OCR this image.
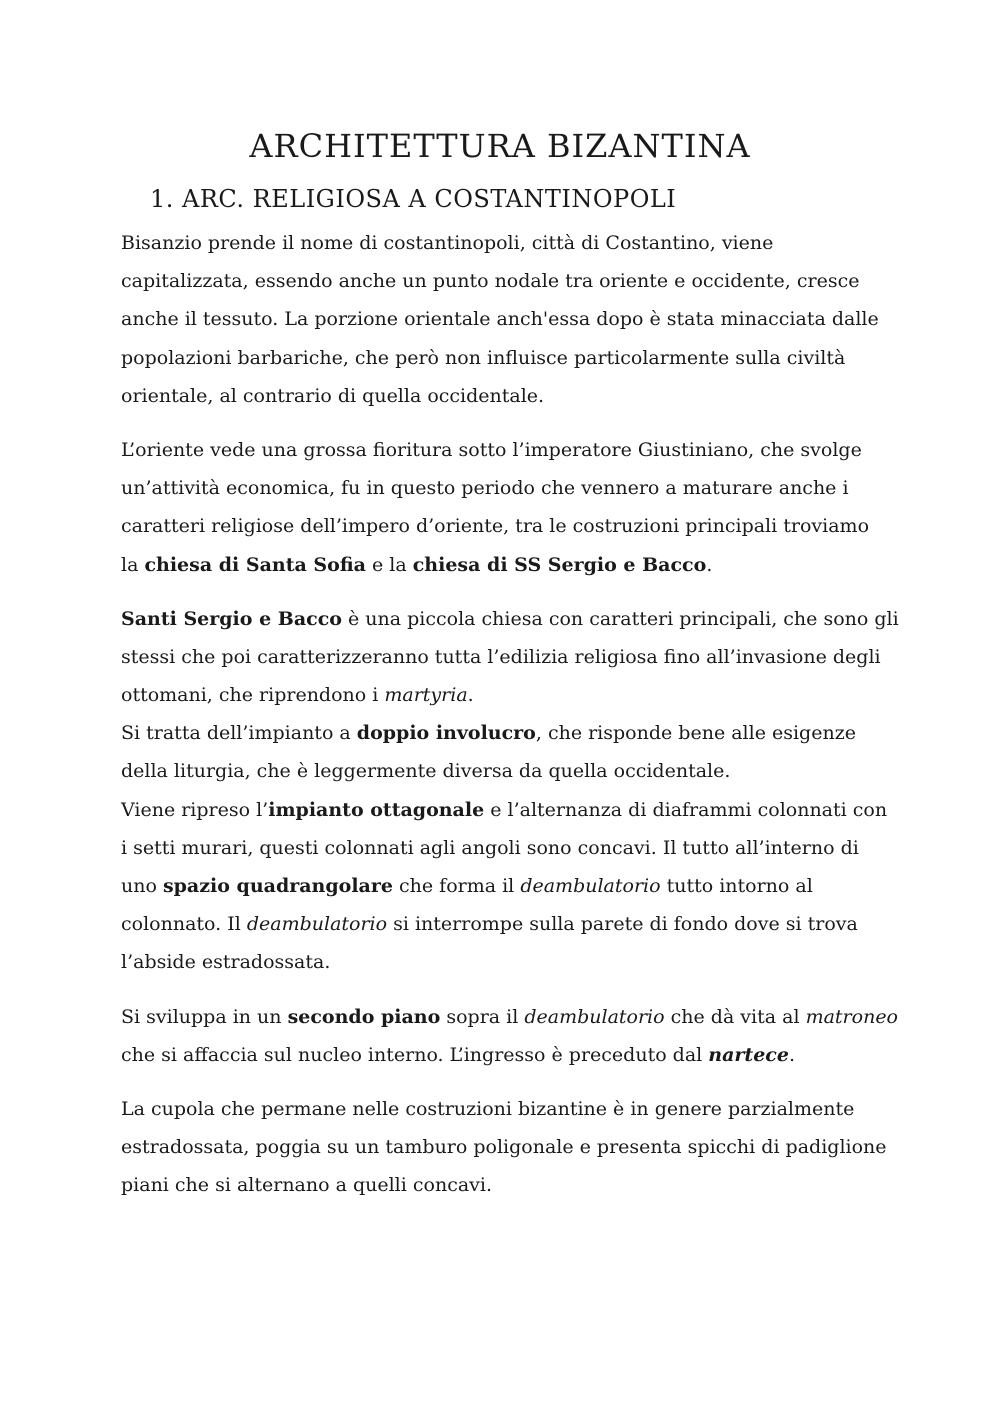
ARCHITETTURA BIZANTINA
1. ARC. RELIGIOSA A COSTANTINOPOLI

Bisanzio prende il nome di costantinopoli, città di Costantino, viene
capitalizzata, essendo anche un punto nodale tra oriente e occidente, cresce
anche il tessuto. La porzione orientale anch'essa dopo è stata minacciata dalle
popolazioni barbariche, che però non influisce particolarmente sulla civiltà
orientale, al contrario di quella occidentale.

L’oriente vede una grossa fioritura sotto l’imperatore Giustiniano, che svolge
un’attività economica, fu in questo periodo che vennero a maturare anche i
caratteri religiose dell’impero d’oriente, tra le costruzioni principali troviamo
la chiesa di Santa Sofia e la chiesa di SS Sergio e Bacco.

Santi Sergio e Bacco è una piccola chiesa con caratteri principali, che sono gli
stessi che poi caratterizzeranno tutta l’edilizia religiosa fino all’invasione degli
ottomani, che riprendono i martyria.
Si tratta dell’impianto a doppio involucro, che risponde bene alle esigenze
della liturgia, che è leggermente diversa da quella occidentale.
Viene ripreso l’impianto ottagonale e l’alternanza di diaframmi colonnati con
i setti murari, questi colonnati agli angoli sono concavi. Il tutto all’interno di
uno spazio quadrangolare che forma il deambulatorio tutto intorno al
colonnato. Il deambulatorio si interrompe sulla parete di fondo dove si trova
l’abside estradossata.

Si sviluppa in un secondo piano sopra il deambulatorio che dà vita al matroneo
che si affaccia sul nucleo interno. L’ingresso è preceduto dal nartece.

La cupola che permane nelle costruzioni bizantine è in genere parzialmente
estradossata, poggia su un tamburo poligonale e presenta spicchi di padiglione
piani che si alternano a quelli concavi.
